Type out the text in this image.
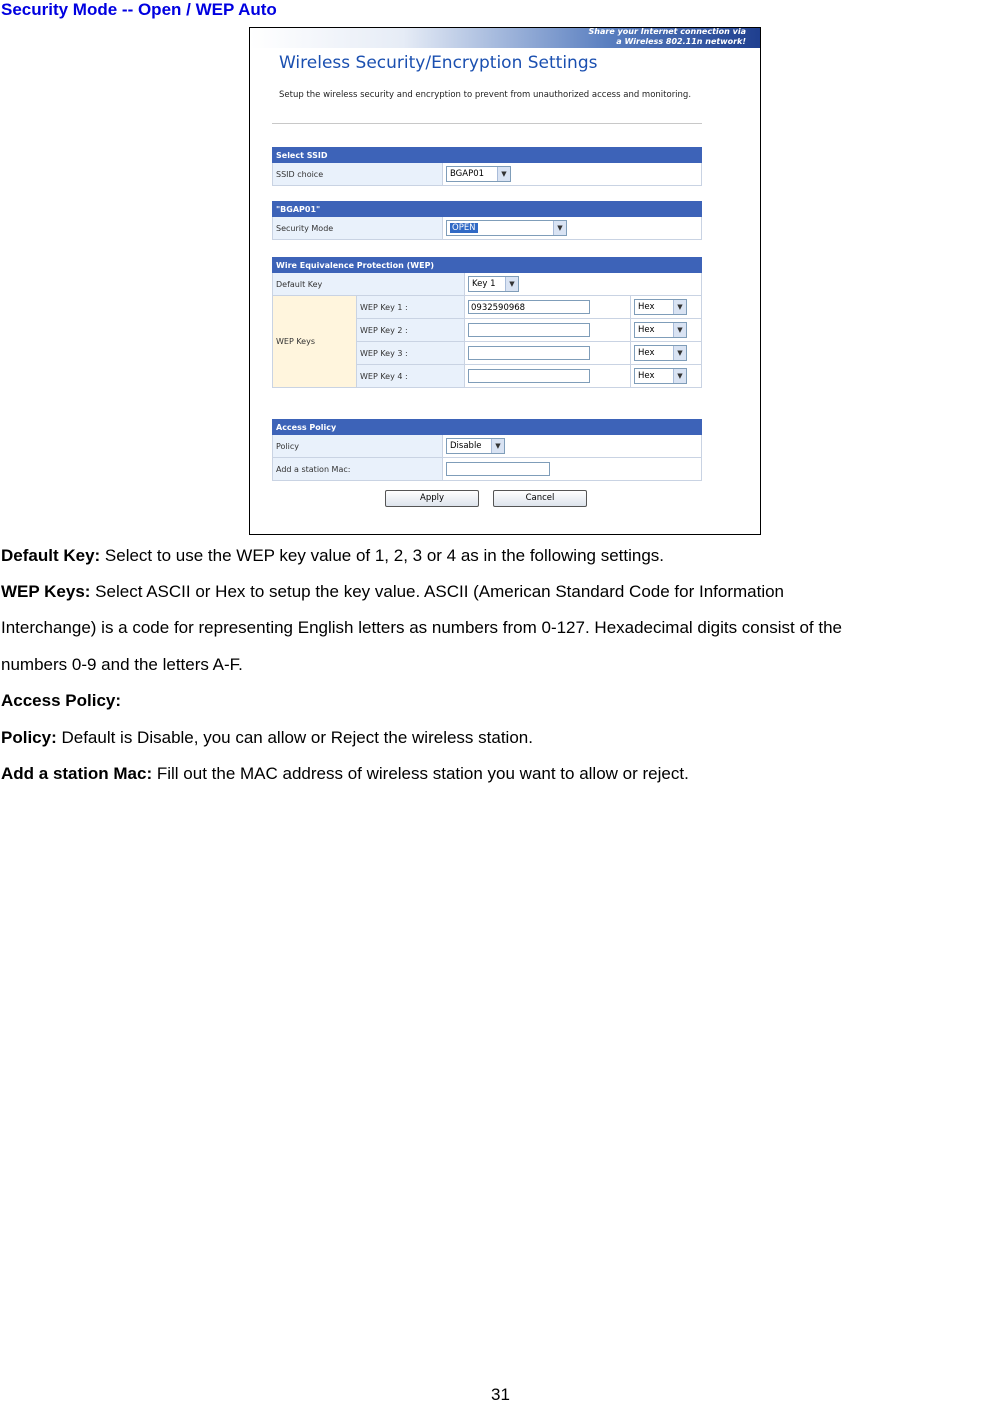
Security Mode -- Open / WEP Auto
Share your Internet connection via
a Wireless 802.11n network!
Wireless Security/Encryption Settings
Setup the wireless security and encryption to prevent from unauthorized access and monitoring.
Select SSID
SSID choice	BGAP01	▼
"BGAP01"
Security Mode	OPEN	▼
Wire Equivalence Protection (WEP)			
Default Key		Key 1 ▼	

WEP Keys	WEP Key 1 :	0932590968	Hex ▼

	WEP Key 2 :		Hex ▼

	WEP Key 3 :		Hex ▼

	WEP Key 4 :		Hex ▼
Access Policy	
Policy	Disable ▼

Add a station Mac:	
Apply	Cancel

Default Key: Select to use the WEP key value of 1, 2, 3 or 4 as in the following settings.

WEP Keys: Select ASCII or Hex to setup the key value. ASCII (American Standard Code for Information

Interchange) is a code for representing English letters as numbers from 0-127. Hexadecimal digits consist of the

numbers 0-9 and the letters A-F.

Access Policy:

Policy: Default is Disable, you can allow or Reject the wireless station.

Add a station Mac: Fill out the MAC address of wireless station you want to allow or reject.

31
